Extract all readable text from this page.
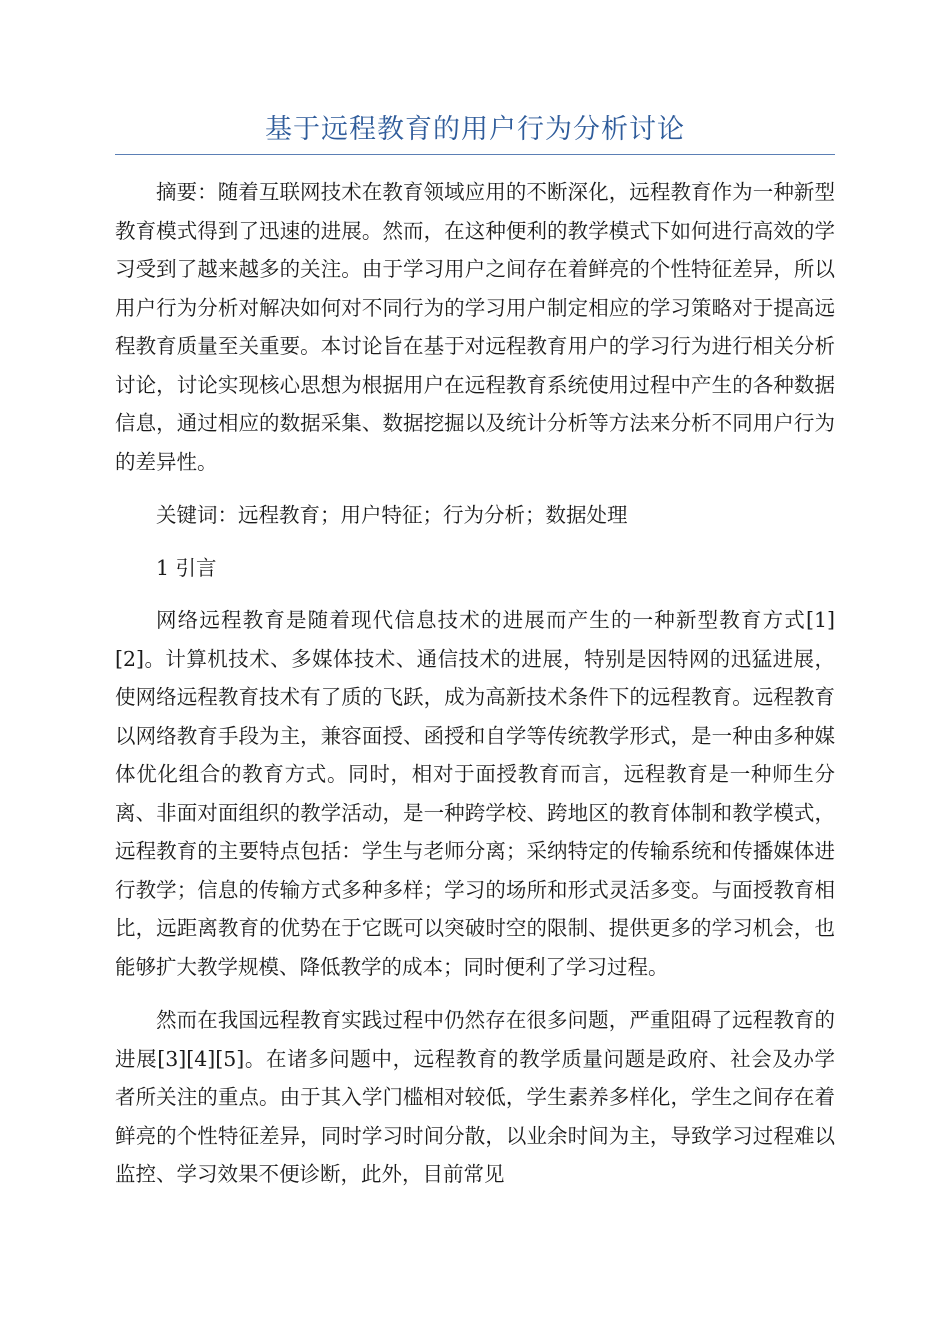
基于远程教育的用户行为分析讨论

摘要：随着互联网技术在教育领域应用的不断深化，远程教育作为一种新型教育模式得到了迅速的进展。然而，在这种便利的教学模式下如何进行高效的学习受到了越来越多的关注。由于学习用户之间存在着鲜亮的个性特征差异，所以用户行为分析对解决如何对不同行为的学习用户制定相应的学习策略对于提高远程教育质量至关重要。本讨论旨在基于对远程教育用户的学习行为进行相关分析讨论，讨论实现核心思想为根据用户在远程教育系统使用过程中产生的各种数据信息，通过相应的数据采集、数据挖掘以及统计分析等方法来分析不同用户行为的差异性。

关键词：远程教育；用户特征；行为分析；数据处理

1 引言

网络远程教育是随着现代信息技术的进展而产生的一种新型教育方式[1][2]。计算机技术、多媒体技术、通信技术的进展，特别是因特网的迅猛进展，使网络远程教育技术有了质的飞跃，成为高新技术条件下的远程教育。远程教育以网络教育手段为主，兼容面授、函授和自学等传统教学形式，是一种由多种媒体优化组合的教育方式。同时，相对于面授教育而言，远程教育是一种师生分离、非面对面组织的教学活动，是一种跨学校、跨地区的教育体制和教学模式，远程教育的主要特点包括：学生与老师分离；采纳特定的传输系统和传播媒体进行教学；信息的传输方式多种多样；学习的场所和形式灵活多变。与面授教育相比，远距离教育的优势在于它既可以突破时空的限制、提供更多的学习机会，也能够扩大教学规模、降低教学的成本；同时便利了学习过程。

然而在我国远程教育实践过程中仍然存在很多问题，严重阻碍了远程教育的进展[3][4][5]。在诸多问题中，远程教育的教学质量问题是政府、社会及办学者所关注的重点。由于其入学门槛相对较低，学生素养多样化，学生之间存在着鲜亮的个性特征差异，同时学习时间分散，以业余时间为主，导致学习过程难以监控、学习效果不便诊断，此外，目前常见
